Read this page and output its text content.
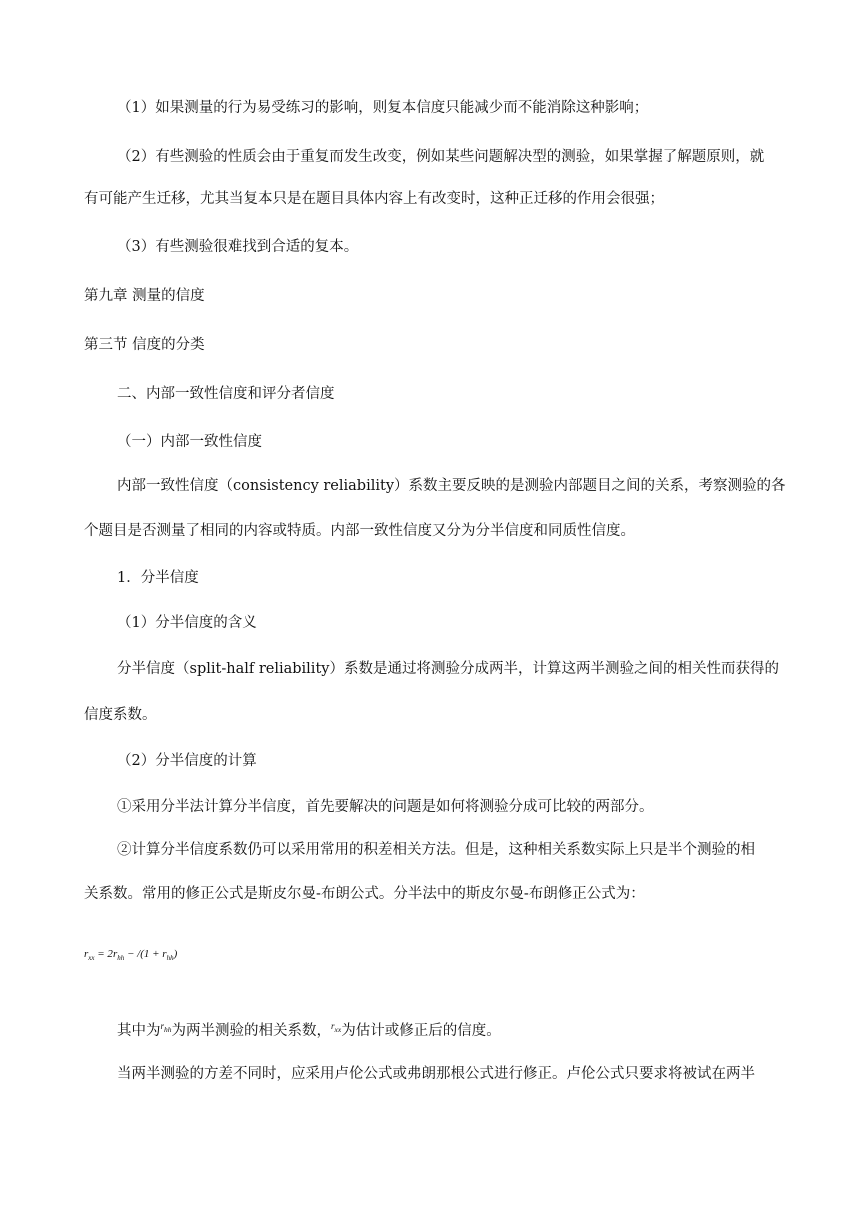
（1）如果测量的行为易受练习的影响，则复本信度只能减少而不能消除这种影响；

（2）有些测验的性质会由于重复而发生改变，例如某些问题解决型的测验，如果掌握了解题原则，就

有可能产生迁移，尤其当复本只是在题目具体内容上有改变时，这种正迁移的作用会很强；

（3）有些测验很难找到合适的复本。

第九章 测量的信度

第三节 信度的分类

二、内部一致性信度和评分者信度

（一）内部一致性信度

内部一致性信度（consistency reliability）系数主要反映的是测验内部题目之间的关系，考察测验的各

个题目是否测量了相同的内容或特质。内部一致性信度又分为分半信度和同质性信度。

1．分半信度

（1）分半信度的含义

分半信度（split-half reliability）系数是通过将测验分成两半，计算这两半测验之间的相关性而获得的

信度系数。

（2）分半信度的计算

①采用分半法计算分半信度，首先要解决的问题是如何将测验分成可比较的两部分。

②计算分半信度系数仍可以采用常用的积差相关方法。但是，这种相关系数实际上只是半个测验的相

关系数。常用的修正公式是斯皮尔曼-布朗公式。分半法中的斯皮尔曼-布朗修正公式为：

$r_{xx} = 2r_{hh} - /(1 + r_{hh})$

其中为$^{r_{hh}}$为两半测验的相关系数，$^{r_{xx}}$为估计或修正后的信度。

当两半测验的方差不同时，应采用卢伦公式或弗朗那根公式进行修正。卢伦公式只要求将被试在两半
